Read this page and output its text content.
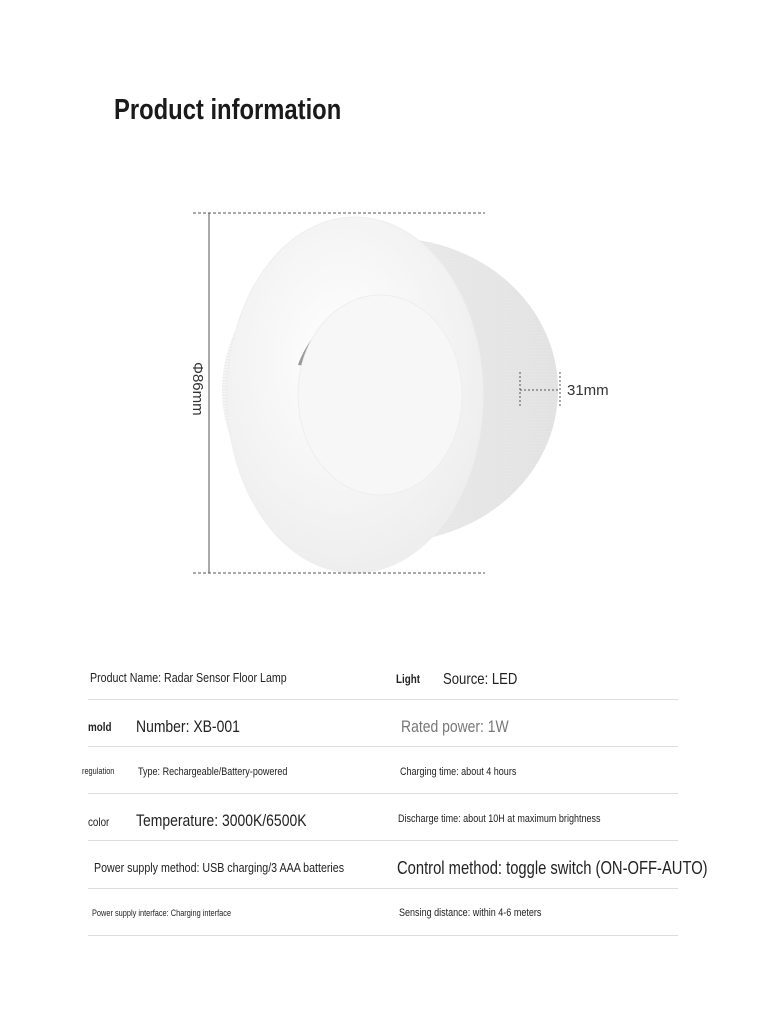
Product information
Φ86mm	31mm
Product Name: Radar Sensor Floor Lamp	Light	Source: LED
mold	Number: XB-001	Rated power: 1W
regulation	Type: Rechargeable/Battery-powered	Charging time: about 4 hours
color Temperature: 3000K/6500K	Discharge time: about 10H at maximum brightness
Power supply method: USB charging/3 AAA batteries	Control method: toggle switch (ON-OFF-AUTO)
Power supply interface: Charging interface	Sensing distance: within 4-6 meters
